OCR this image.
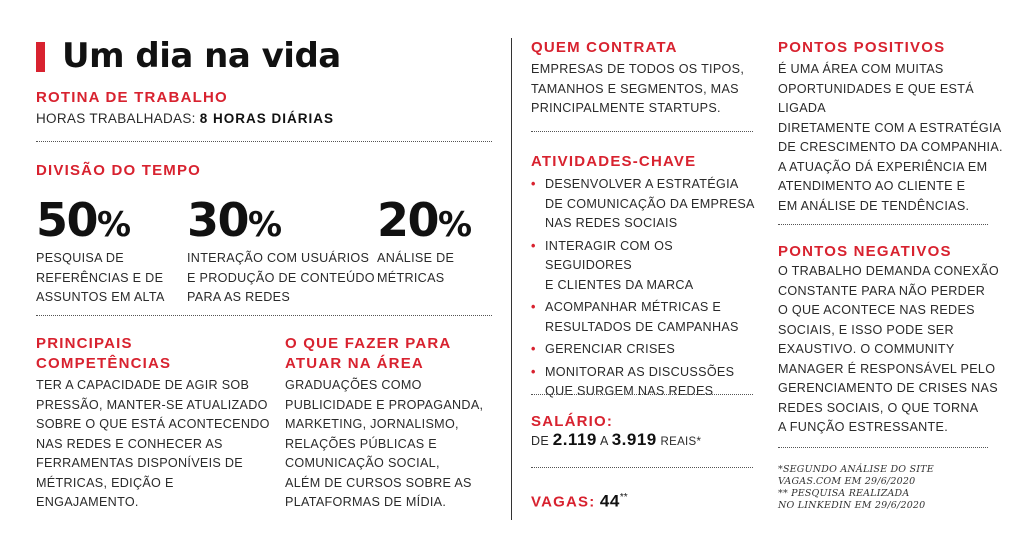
Um dia na vida
ROTINA DE TRABALHO
HORAS TRABALHADAS: 8 HORAS DIÁRIAS
DIVISÃO DO TEMPO
50%
PESQUISA DE
REFERÊNCIAS E DE
ASSUNTOS EM ALTA
30%
INTERAÇÃO COM USUÁRIOS
E PRODUÇÃO DE CONTEÚDO
PARA AS REDES
20%
ANÁLISE DE
MÉTRICAS
PRINCIPAIS
COMPETÊNCIAS
TER A CAPACIDADE DE AGIR SOB
PRESSÃO, MANTER-SE ATUALIZADO
SOBRE O QUE ESTÁ ACONTECENDO
NAS REDES E CONHECER AS
FERRAMENTAS DISPONÍVEIS DE
MÉTRICAS, EDIÇÃO E ENGAJAMENTO.
O QUE FAZER PARA
ATUAR NA ÁREA
GRADUAÇÕES COMO
PUBLICIDADE E PROPAGANDA,
MARKETING, JORNALISMO,
RELAÇÕES PÚBLICAS E
COMUNICAÇÃO SOCIAL,
ALÉM DE CURSOS SOBRE AS
PLATAFORMAS DE MÍDIA.
QUEM CONTRATA
EMPRESAS DE TODOS OS TIPOS,
TAMANHOS E SEGMENTOS, MAS
PRINCIPALMENTE STARTUPS.
ATIVIDADES-CHAVE
• DESENVOLVER A ESTRATÉGIA
DE COMUNICAÇÃO DA EMPRESA
NAS REDES SOCIAIS
• INTERAGIR COM OS SEGUIDORES
E CLIENTES DA MARCA
• ACOMPANHAR MÉTRICAS E
RESULTADOS DE CAMPANHAS
• GERENCIAR CRISES
• MONITORAR AS DISCUSSÕES
QUE SURGEM NAS REDES
SALÁRIO:
DE 2.119 A 3.919 REAIS*
VAGAS: 44**
PONTOS POSITIVOS
É UMA ÁREA COM MUITAS
OPORTUNIDADES E QUE ESTÁ LIGADA
DIRETAMENTE COM A ESTRATÉGIA
DE CRESCIMENTO DA COMPANHIA.
A ATUAÇÃO DÁ EXPERIÊNCIA EM
ATENDIMENTO AO CLIENTE E
EM ANÁLISE DE TENDÊNCIAS.
PONTOS NEGATIVOS
O TRABALHO DEMANDA CONEXÃO
CONSTANTE PARA NÃO PERDER
O QUE ACONTECE NAS REDES
SOCIAIS, E ISSO PODE SER
EXAUSTIVO. O COMMUNITY
MANAGER É RESPONSÁVEL PELO
GERENCIAMENTO DE CRISES NAS
REDES SOCIAIS, O QUE TORNA
A FUNÇÃO ESTRESSANTE.
*SEGUNDO ANÁLISE DO SITE
VAGAS.COM EM 29/6/2020
** PESQUISA REALIZADA
NO LINKEDIN EM 29/6/2020
